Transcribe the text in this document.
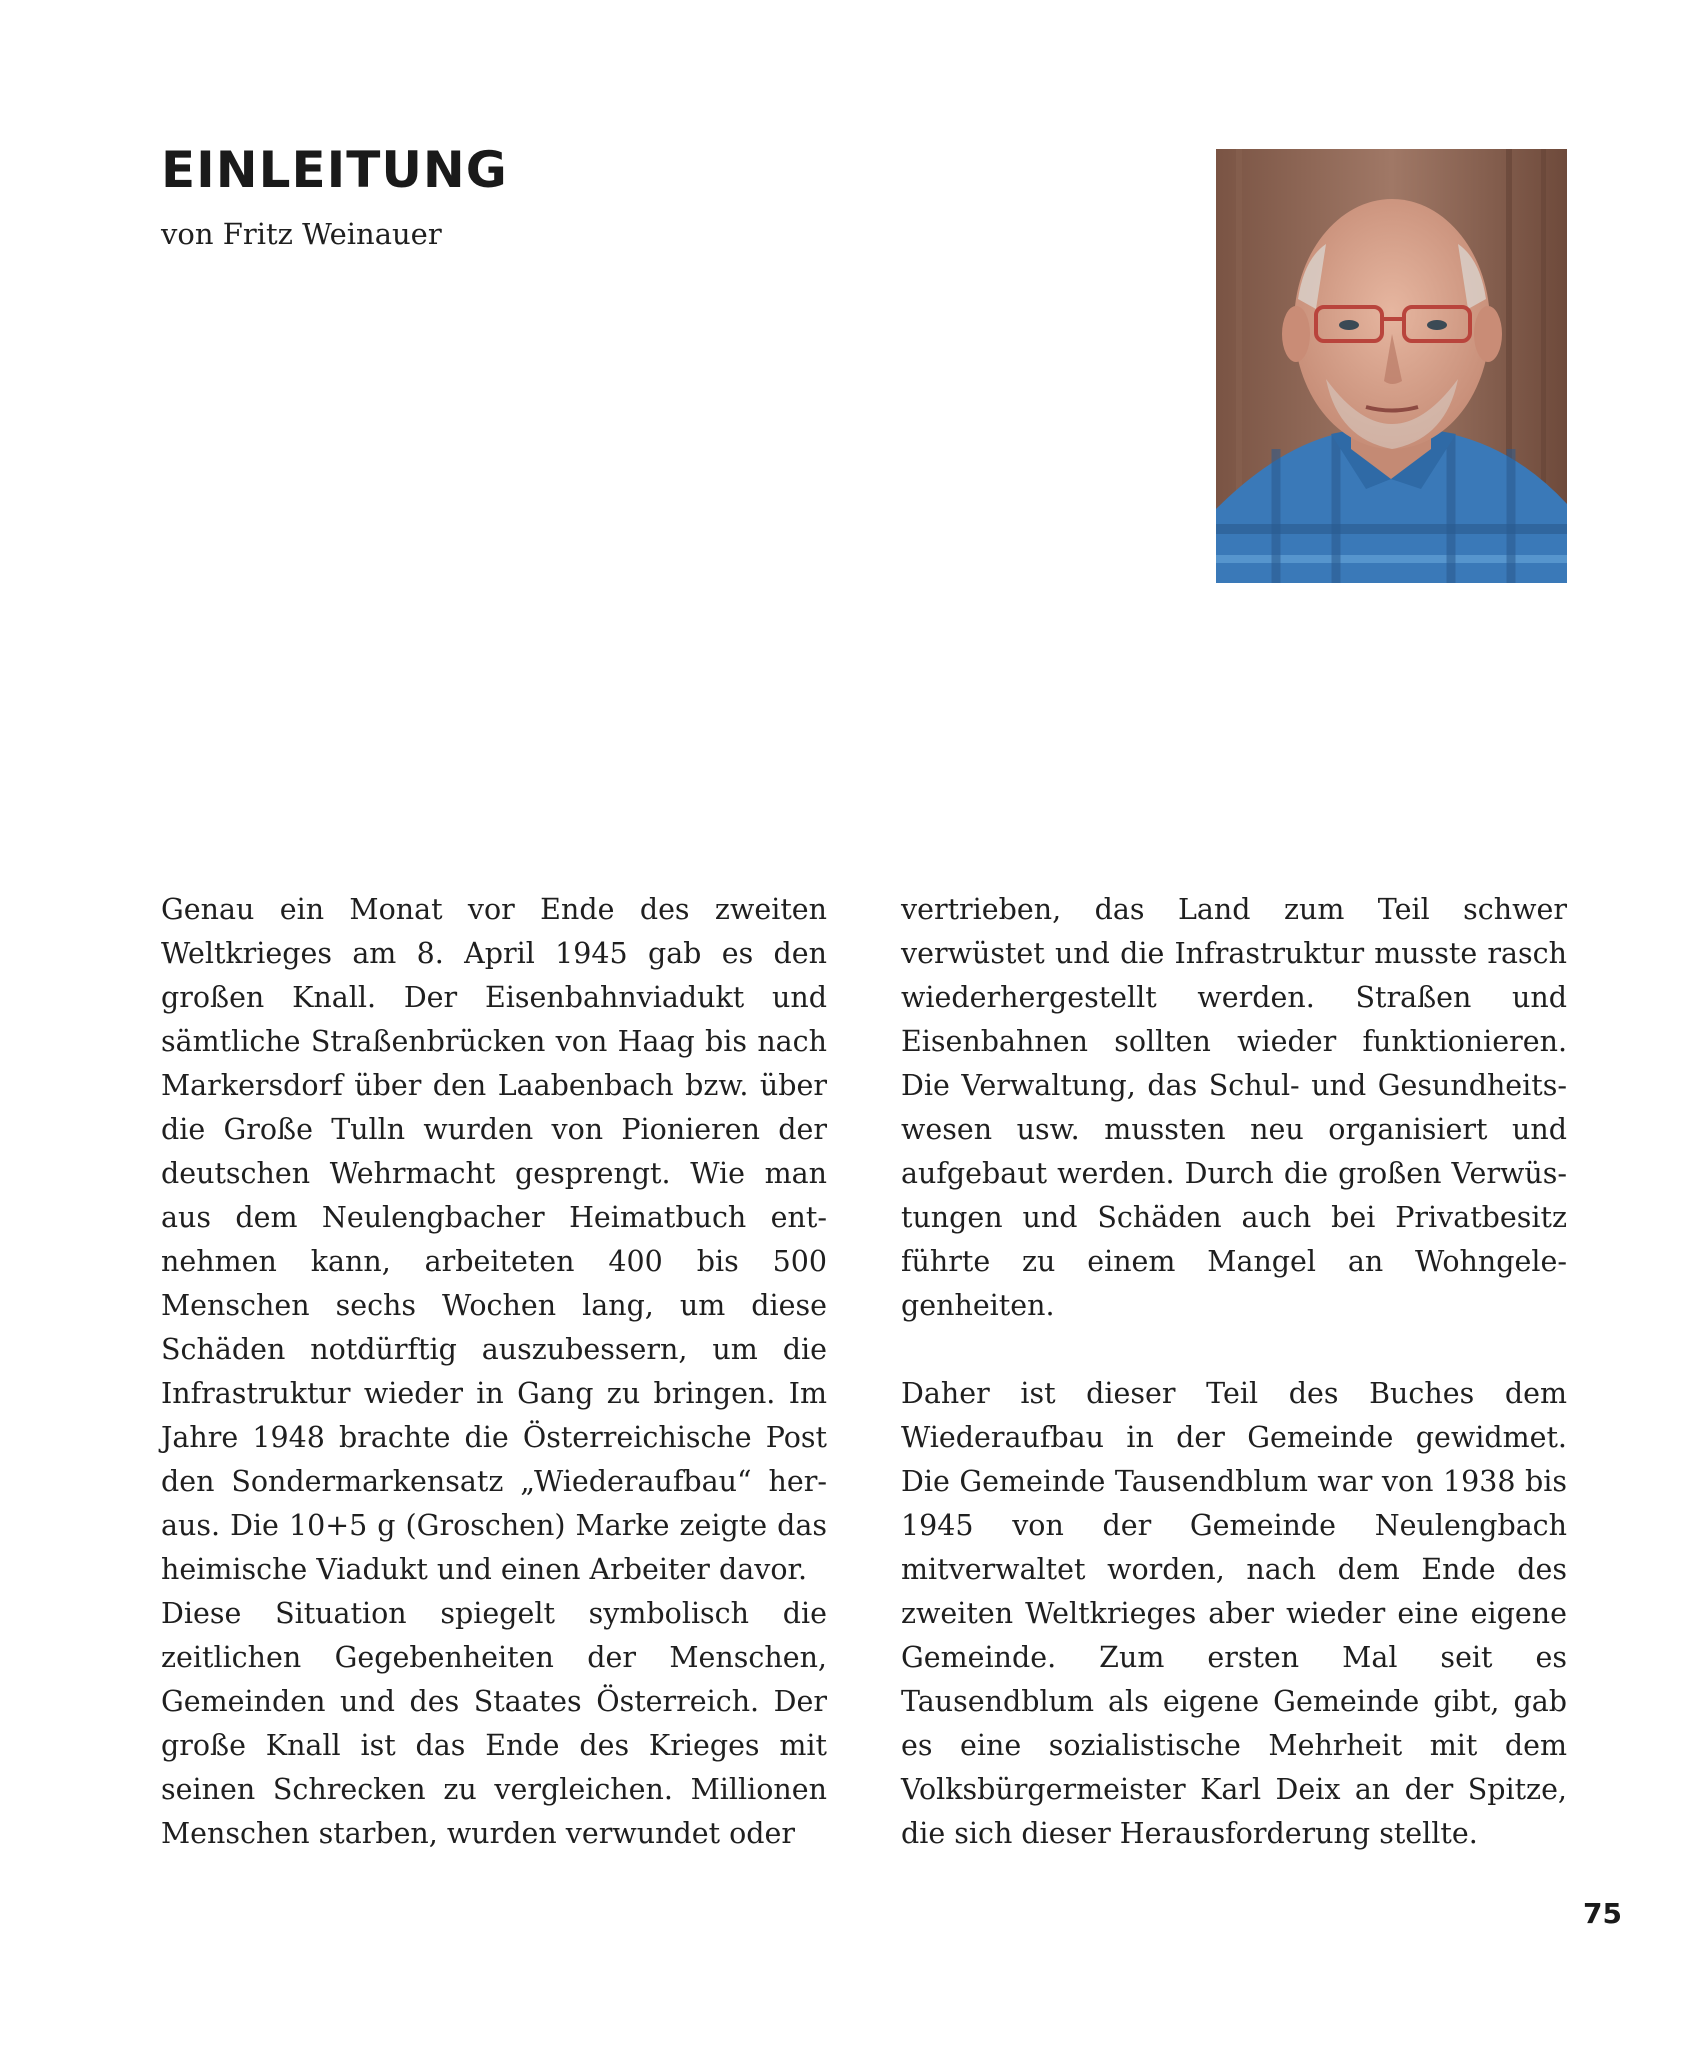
EINLEITUNG

von Fritz Weinauer

Genau ein Monat vor Ende des zweiten Weltkrieges am 8. April 1945 gab es den großen Knall. Der Eisenbahnviadukt und sämtliche Straßenbrücken von Haag bis nach Markersdorf über den Laabenbach bzw. über die Große Tulln wurden von Pionieren der deutschen Wehrmacht gesprengt. Wie man aus dem Neulengbacher Heimatbuch entnehmen kann, arbeiteten 400 bis 500 Menschen sechs Wochen lang, um diese Schäden notdürftig auszubessern, um die Infrastruktur wieder in Gang zu bringen. Im Jahre 1948 brachte die Österreichische Post den Sondermarkensatz „Wiederaufbau“ heraus. Die 10+5 g (Groschen) Marke zeigte das heimische Viadukt und einen Arbeiter davor.

Diese Situation spiegelt symbolisch die zeitlichen Gegebenheiten der Menschen, Gemeinden und des Staates Österreich. Der große Knall ist das Ende des Krieges mit seinen Schrecken zu vergleichen. Millionen Menschen starben, wurden verwundet oder

vertrieben, das Land zum Teil schwer verwüstet und die Infrastruktur musste rasch wiederhergestellt werden. Straßen und Eisenbahnen sollten wieder funktionieren. Die Verwaltung, das Schul- und Gesundheitswesen usw. mussten neu organisiert und aufgebaut werden. Durch die großen Verwüstungen und Schäden auch bei Privatbesitz führte zu einem Mangel an Wohngelegenheiten.

Daher ist dieser Teil des Buches dem Wiederaufbau in der Gemeinde gewidmet. Die Gemeinde Tausendblum war von 1938 bis 1945 von der Gemeinde Neulengbach mitverwaltet worden, nach dem Ende des zweiten Weltkrieges aber wieder eine eigene Gemeinde. Zum ersten Mal seit es Tausendblum als eigene Gemeinde gibt, gab es eine sozialistische Mehrheit mit dem Volksbürgermeister Karl Deix an der Spitze, die sich dieser Herausforderung stellte.

75
